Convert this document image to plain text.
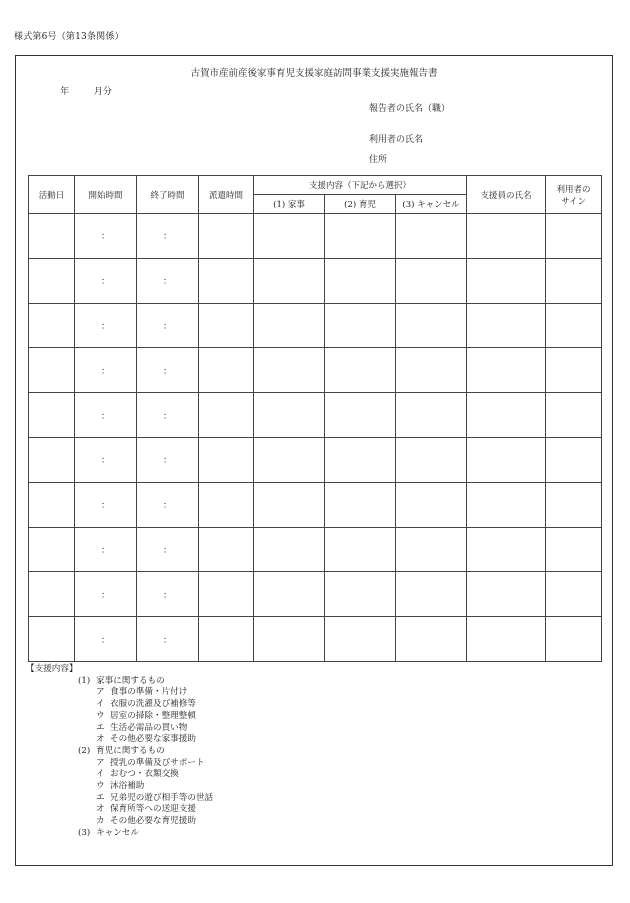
様式第6号（第13条関係）
古賀市産前産後家事育児支援家庭訪問事業支援実施報告書
年	月分
報告者の氏名（職）
利用者の氏名
住所
活動日	開始時間	終了時間	派遣時間	支援内容（下記から選択）			支援員の氏名	利用者の
サイン
				(1) 家事	(2) 育児	(3) キャンセル		
	：	：						
	：	：						
	：	：						
	：	：						
	：	：						
	：	：						
	：	：						
	：	：						
	：	：						
	：	：						
【支援内容】
(1) 家事に関するもの
ア 食事の準備・片付け
イ 衣服の洗濯及び補修等
ウ 居室の掃除・整理整頓
エ 生活必需品の買い物
オ その他必要な家事援助
(2) 育児に関するもの
ア 授乳の準備及びサポート
イ おむつ・衣類交換
ウ 沐浴補助
エ 兄弟児の遊び相手等の世話
オ 保育所等への送迎支援
カ その他必要な育児援助
(3) キャンセル
